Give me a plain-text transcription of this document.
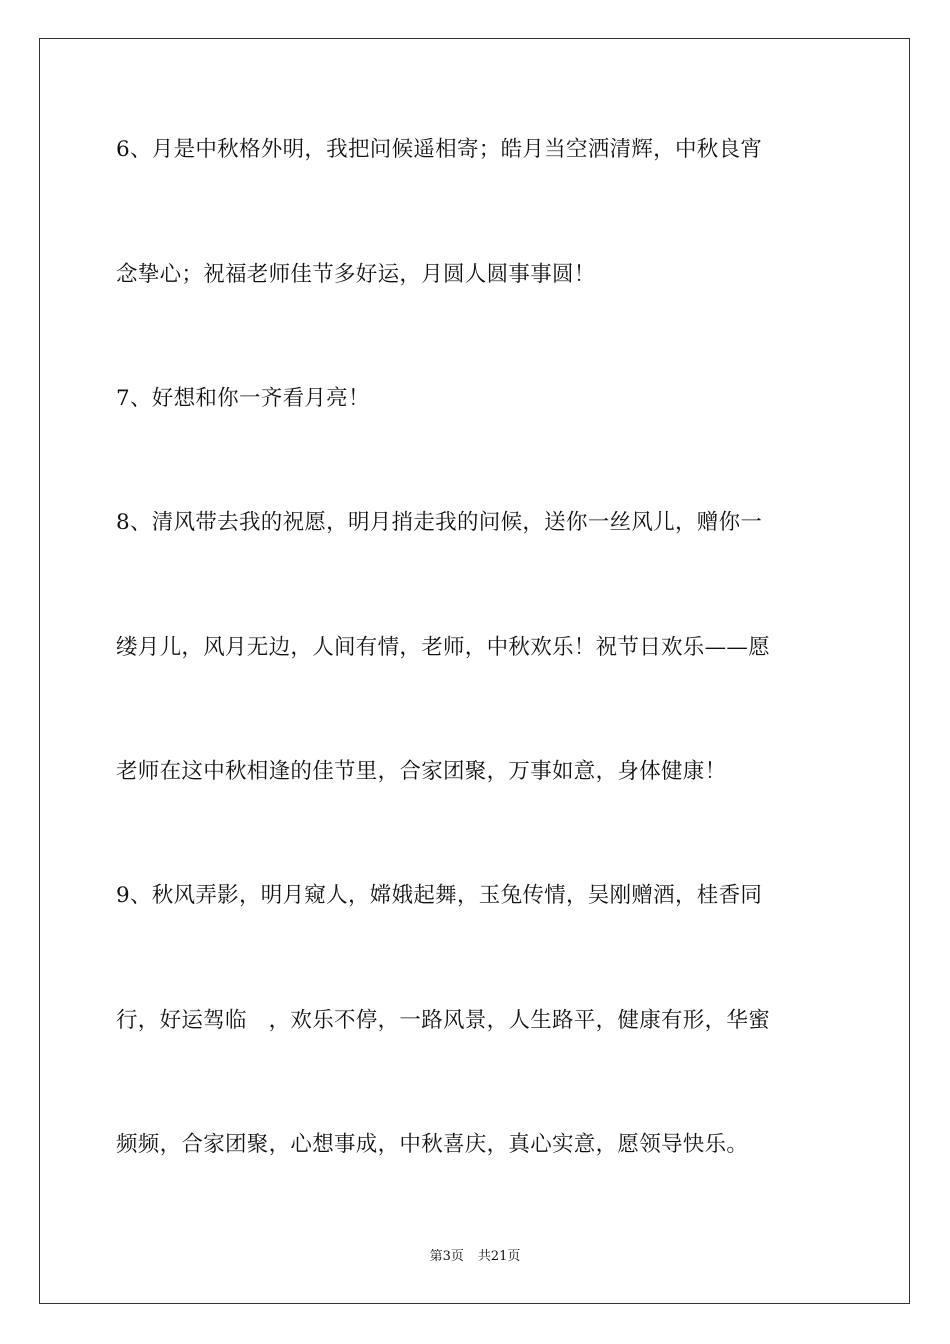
6、月是中秋格外明，我把问候遥相寄；皓月当空洒清辉，中秋良宵
念挚心；祝福老师佳节多好运，月圆人圆事事圆！
7、好想和你一齐看月亮！
8、清风带去我的祝愿，明月捎走我的问候，送你一丝风儿，赠你一
缕月儿，风月无边，人间有情，老师，中秋欢乐！祝节日欢乐——愿
老师在这中秋相逢的佳节里，合家团聚，万事如意，身体健康！
9、秋风弄影，明月窥人，嫦娥起舞，玉兔传情，吴刚赠酒，桂香同
行，好运驾临　，欢乐不停，一路风景，人生路平，健康有形，华蜜
频频，合家团聚，心想事成，中秋喜庆，真心实意，愿领导快乐。
第3页 共21页
